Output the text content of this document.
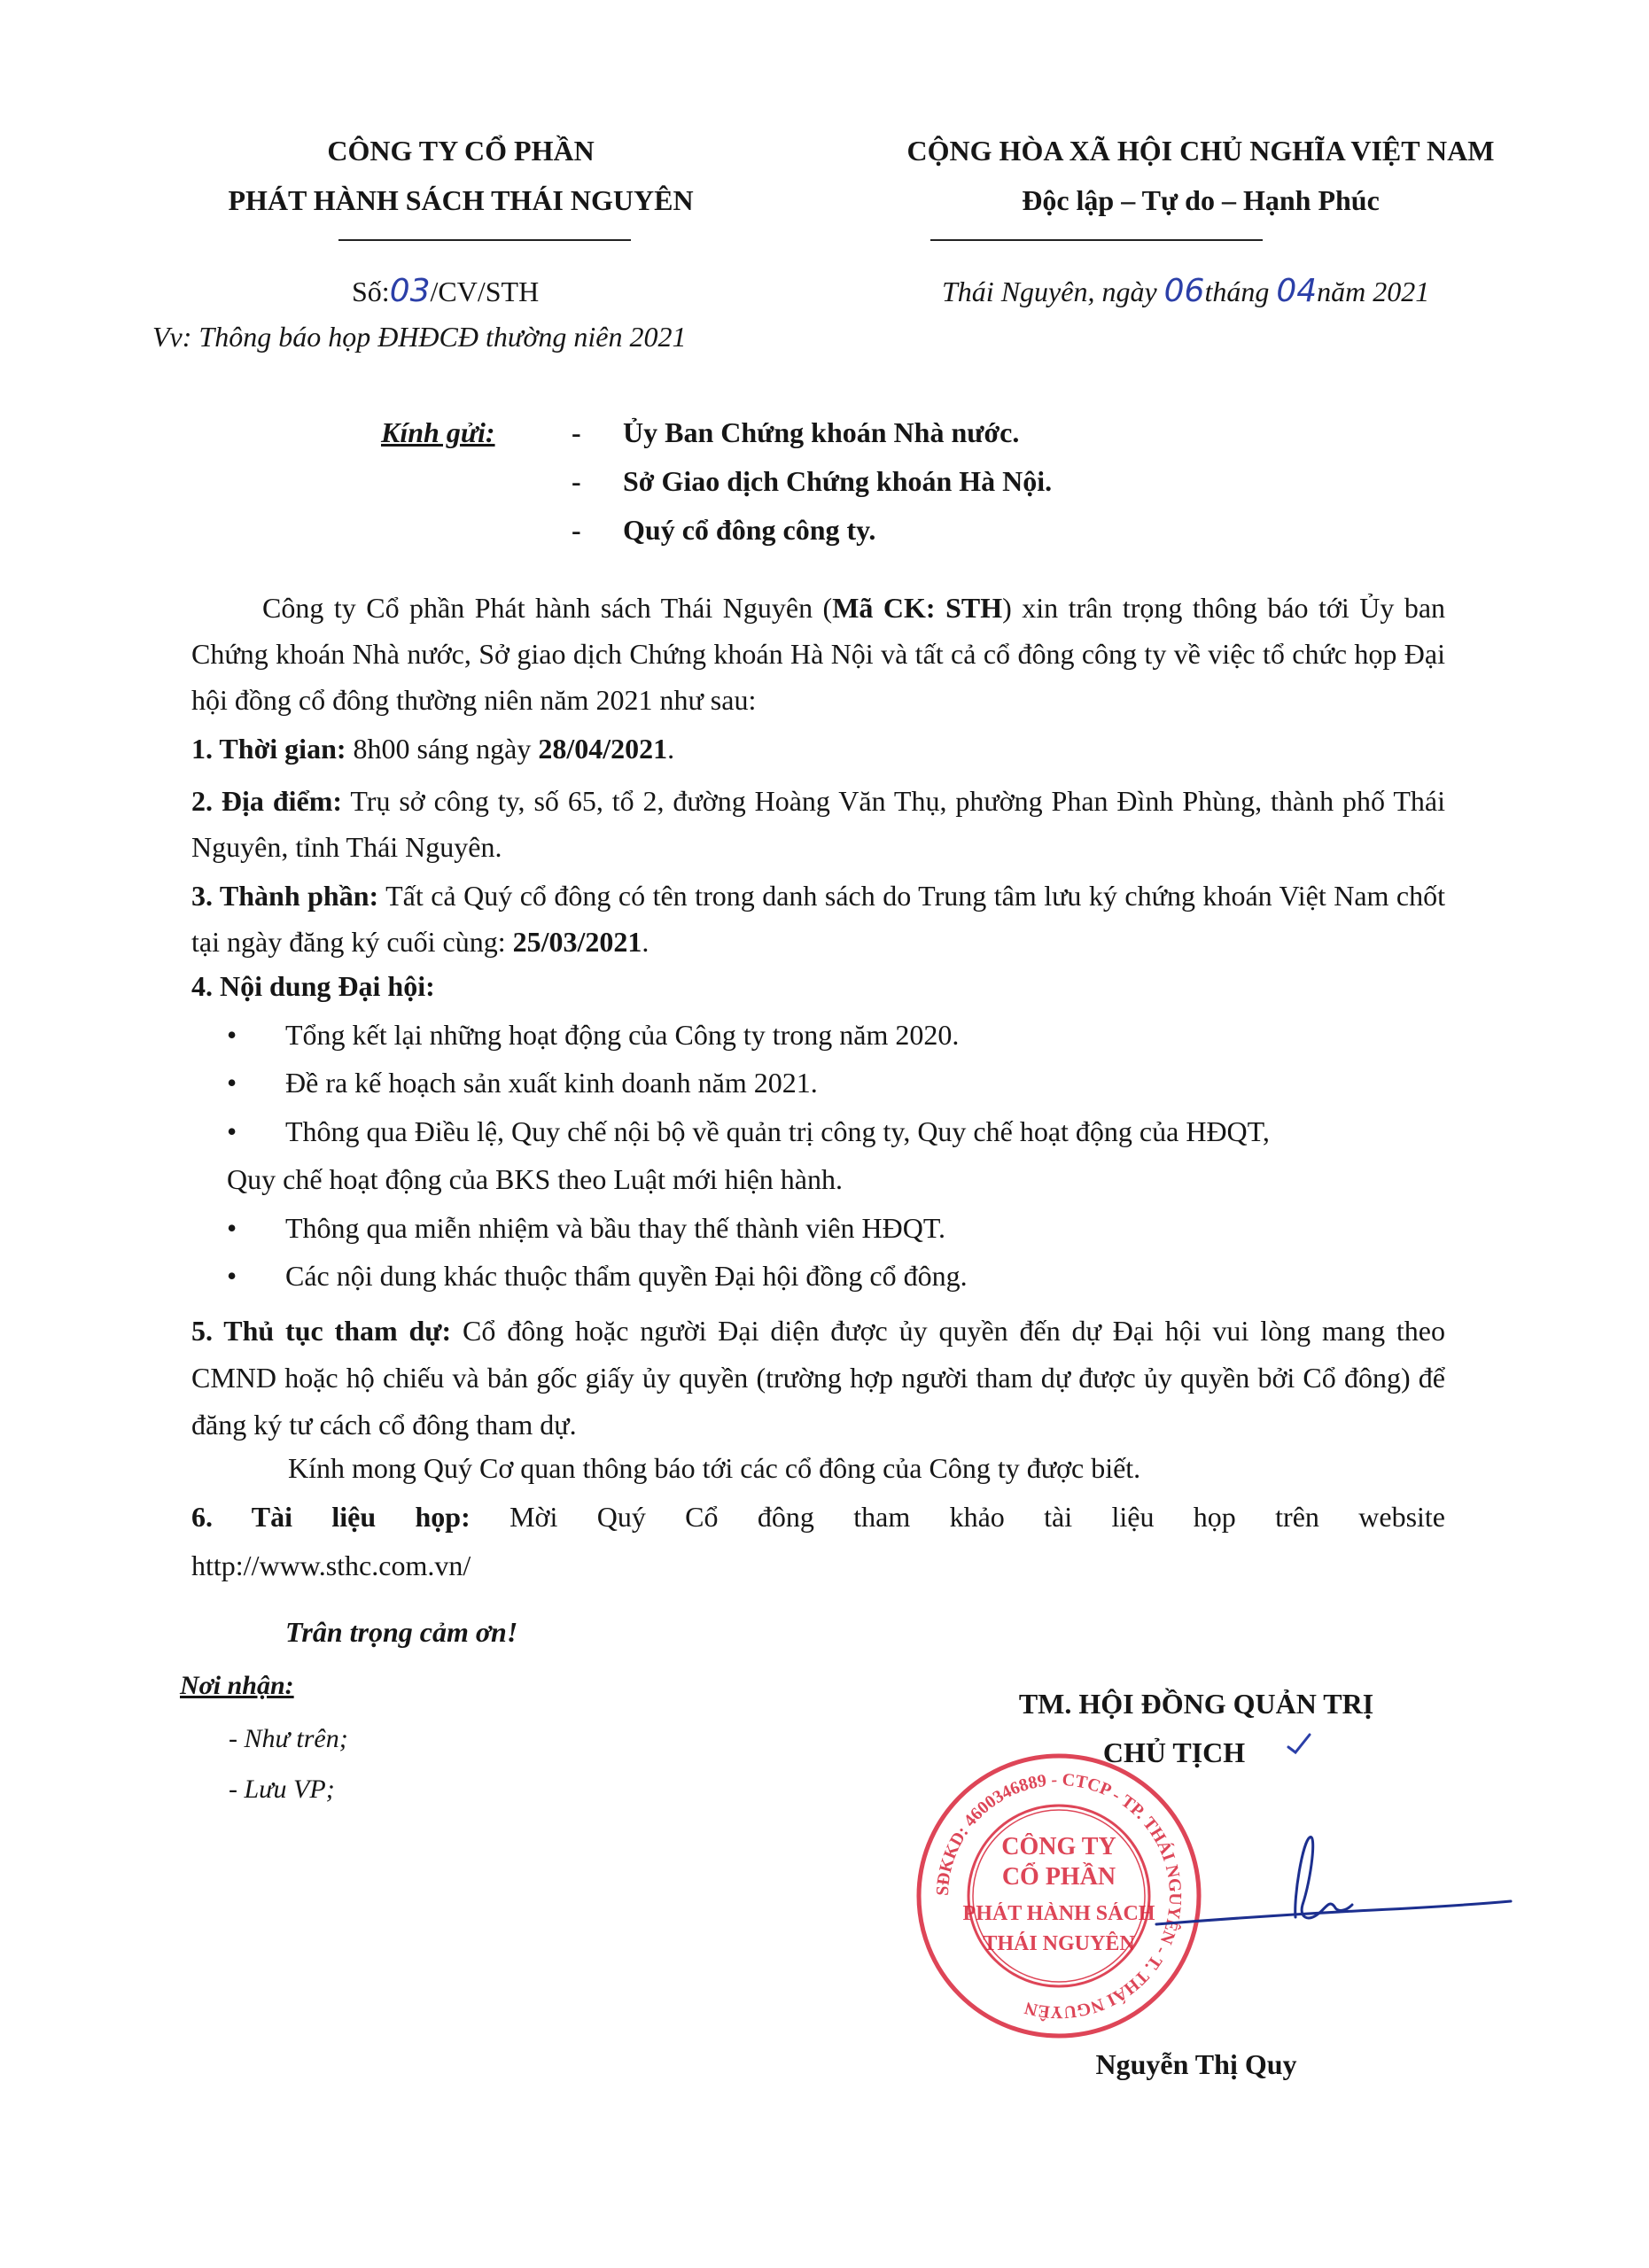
CÔNG TY CỔ PHẦN
PHÁT HÀNH SÁCH THÁI NGUYÊN
CỘNG HÒA XÃ HỘI CHỦ NGHĨA VIỆT NAM
Độc lập – Tự do – Hạnh Phúc
Số:03/CV/STH
Vv: Thông báo họp ĐHĐCĐ thường niên 2021
Thái Nguyên, ngày 06tháng 04năm 2021
Kính gửi:	- Ủy Ban Chứng khoán Nhà nước.
- Sở Giao dịch Chứng khoán Hà Nội.
- Quý cổ đông công ty.
Công ty Cổ phần Phát hành sách Thái Nguyên (Mã CK: STH) xin trân trọng thông báo tới Ủy ban Chứng khoán Nhà nước, Sở giao dịch Chứng khoán Hà Nội và tất cả cổ đông công ty về việc tổ chức họp Đại hội đồng cổ đông thường niên năm 2021 như sau:
1. Thời gian: 8h00 sáng ngày 28/04/2021.
2. Địa điểm: Trụ sở công ty, số 65, tổ 2, đường Hoàng Văn Thụ, phường Phan Đình Phùng, thành phố Thái Nguyên, tỉnh Thái Nguyên.
3. Thành phần: Tất cả Quý cổ đông có tên trong danh sách do Trung tâm lưu ký chứng khoán Việt Nam chốt tại ngày đăng ký cuối cùng: 25/03/2021.
4. Nội dung Đại hội:
• Tổng kết lại những hoạt động của Công ty trong năm 2020.
• Đề ra kế hoạch sản xuất kinh doanh năm 2021.
• Thông qua Điều lệ, Quy chế nội bộ về quản trị công ty, Quy chế hoạt động của HĐQT,
Quy chế hoạt động của BKS theo Luật mới hiện hành.
• Thông qua miễn nhiệm và bầu thay thế thành viên HĐQT.
• Các nội dung khác thuộc thẩm quyền Đại hội đồng cổ đông.
5. Thủ tục tham dự: Cổ đông hoặc người Đại diện được ủy quyền đến dự Đại hội vui lòng mang theo CMND hoặc hộ chiếu và bản gốc giấy ủy quyền (trường hợp người tham dự được ủy quyền bởi Cổ đông) để đăng ký tư cách cổ đông tham dự.
Kính mong Quý Cơ quan thông báo tới các cổ đông của Công ty được biết.
6. Tài liệu họp: Mời Quý Cổ đông tham khảo tài liệu họp trên website
http://www.sthc.com.vn/
Trân trọng cảm ơn!
Nơi nhận:
- Như trên;
- Lưu VP;
TM. HỘI ĐỒNG QUẢN TRỊ
CHỦ TỊCH
SĐKKD: 4600346889 - CTCP - TP. THÁI NGUYÊN - T. THÁI NGUYÊN
CÔNG TY
CỔ PHẦN
PHÁT HÀNH SÁCH
THÁI NGUYÊN
Nguyễn Thị Quy
